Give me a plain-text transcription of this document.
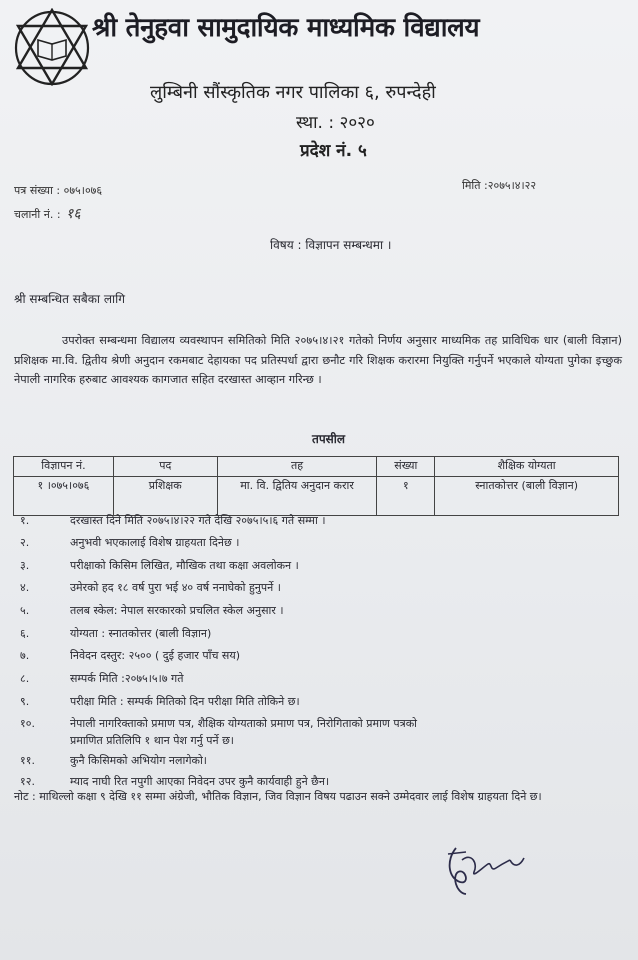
श्री तेनुहवा सामुदायिक माध्यमिक विद्यालय
लुम्बिनी सौंस्कृतिक नगर पालिका ६, रुपन्देही
स्था. : २०२०
प्रदेश नं. ५
पत्र संख्या : ०७५।०७६
चलानी नं. : १६
मिति :२०७५।४।२२
विषय : विज्ञापन सम्बन्धमा ।
श्री सम्बन्धित सबैका लागि
उपरोक्त सम्बन्धमा विद्यालय व्यवस्थापन समितिको मिति २०७५।४।२१ गतेको निर्णय अनुसार माध्यमिक तह प्राविधिक धार (बाली विज्ञान) प्रशिक्षक मा.वि. द्वितीय श्रेणी अनुदान रकमबाट देहायका पद प्रतिस्पर्धा द्वारा छनौट गरि शिक्षक करारमा नियुक्ति गर्नुपर्ने भएकाले योग्यता पुगेका इच्छुक नेपाली नागरिक हरुबाट आवश्यक कागजात सहित दरखास्त आव्हान गरिन्छ ।
तपसील
विज्ञापन नं.	पद	तह	संख्या	शैक्षिक योग्यता
१ ।०७५।०७६	प्रशिक्षक	मा. वि. द्वितिय अनुदान करार	१	स्नातकोत्तर (बाली विज्ञान)
१.	दरखास्त दिने मिति २०७५।४।२२ गते देखि २०७५।५।६ गते सम्मा ।
२.	अनुभवी भएकालाई विशेष ग्राहयता दिनेछ ।
३.	परीक्षाको किसिम लिखित, मौखिक तथा कक्षा अवलोकन ।
४.	उमेरको हद १८ वर्ष पुरा भई ४० वर्ष ननाघेको हुनुपर्ने ।
५.	तलब स्केल: नेपाल सरकारको प्रचलित स्केल अनुसार ।
६.	योग्यता : स्नातकोत्तर (बाली विज्ञान)
७.	निवेदन दस्तुर: २५०० ( दुई हजार पाँच सय)
८.	सम्पर्क मिति :२०७५।५।७ गते
९.	परीक्षा मिति : सम्पर्क मितिको दिन परीक्षा मिति तोकिने छ।
१०.	नेपाली नागरिक्ताको प्रमाण पत्र, शैक्षिक योग्यताको प्रमाण पत्र, निरोगिताको प्रमाण पत्रको
प्रमाणित प्रतिलिपि १ थान पेश गर्नु पर्ने छ।
११.	कुनै किसिमको अभियोग नलागेको।
१२.	म्याद नाघी रित नपुगी आएका निवेदन उपर कुनै कार्यवाही हुने छैन।
नोट : माथिल्लो कक्षा ९ देखि ११ सम्मा अंग्रेजी, भौतिक विज्ञान, जिव विज्ञान विषय पढाउन सक्ने उम्मेदवार लाई विशेष ग्राहयता दिने छ।
